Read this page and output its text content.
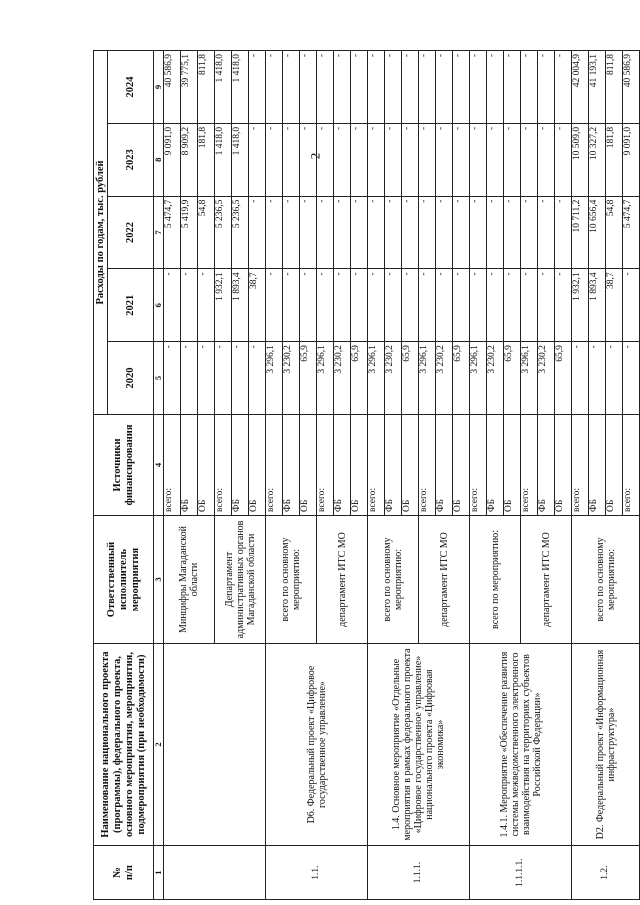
2
№
п/п	Наименование национального проекта (программы), федерального проекта, основного мероприятия, мероприятия, подмероприятия (при необходимости)	Ответственный исполнитель мероприятия	Источники финансирования	Расходы по годам, тыс. рублей				
				2020	2021	2022	2023	2024
1	2	3	4	5	6	7	8	9
		Минцифры Магаданской области	всего:	-	-	5 474,7	9 091,0	40 586,9
			ФБ	-	-	5 419,9	8 909,2	39 775,1
			ОБ	-	-	54,8	181,8	811,8
		Департамент административных органов Магаданской области	всего:	-	1 932,1	5 236,5	1 418,0	1 418,0
			ФБ	-	1 893,4	5 236,5	1 418,0	1 418,0
			ОБ	-	38,7	-	-	-
1.1.	D6. Федеральный проект «Цифровое государственное управление»	всего по основному мероприятию:	всего:	3 296,1	-	-	-	-
			ФБ	3 230,2	-	-	-	-
			ОБ	65,9	-	-	-	-
		департамент ИТС МО	всего:	3 296,1	-	-	-	-
			ФБ	3 230,2	-	-	-	-
			ОБ	65,9	-	-	-	-
1.1.1.	1.4. Основное мероприятие «Отдельные мероприятия в рамках федерального проекта «Цифровое государственное управление» национального проекта «Цифровая экономика»	всего по основному мероприятию:	всего:	3 296,1	-	-	-	-
			ФБ	3 230,2	-	-	-	-
			ОБ	65,9	-	-	-	-
		департамент ИТС МО	всего:	3 296,1	-	-	-	-
			ФБ	3 230,2	-	-	-	-
			ОБ	65,9	-	-	-	-
1.1.1.1.	1.4.1. Мероприятие «Обеспечение развития системы межведомственного электронного взаимодействия на территориях субъектов Российской Федерации»	всего по мероприятию:	всего:	3 296,1	-	-	-	-
			ФБ	3 230,2	-	-	-	-
			ОБ	65,9	-	-	-	-
		департамент ИТС МО	всего:	3 296,1	-	-	-	-
			ФБ	3 230,2	-	-	-	-
			ОБ	65,9	-	-	-	-
1.2.	D2. Федеральный проект «Информационная инфраструктура»	всего по основному мероприятию:	всего:	-	1 932,1	10 711,2	10 509,0	42 004,9
			ФБ	-	1 893,4	10 656,4	10 327,2	41 193,1
			ОБ	-	38,7	54,8	181,8	811,8
			всего:	-	-	5 474,7	9 091,0	40 586,9
